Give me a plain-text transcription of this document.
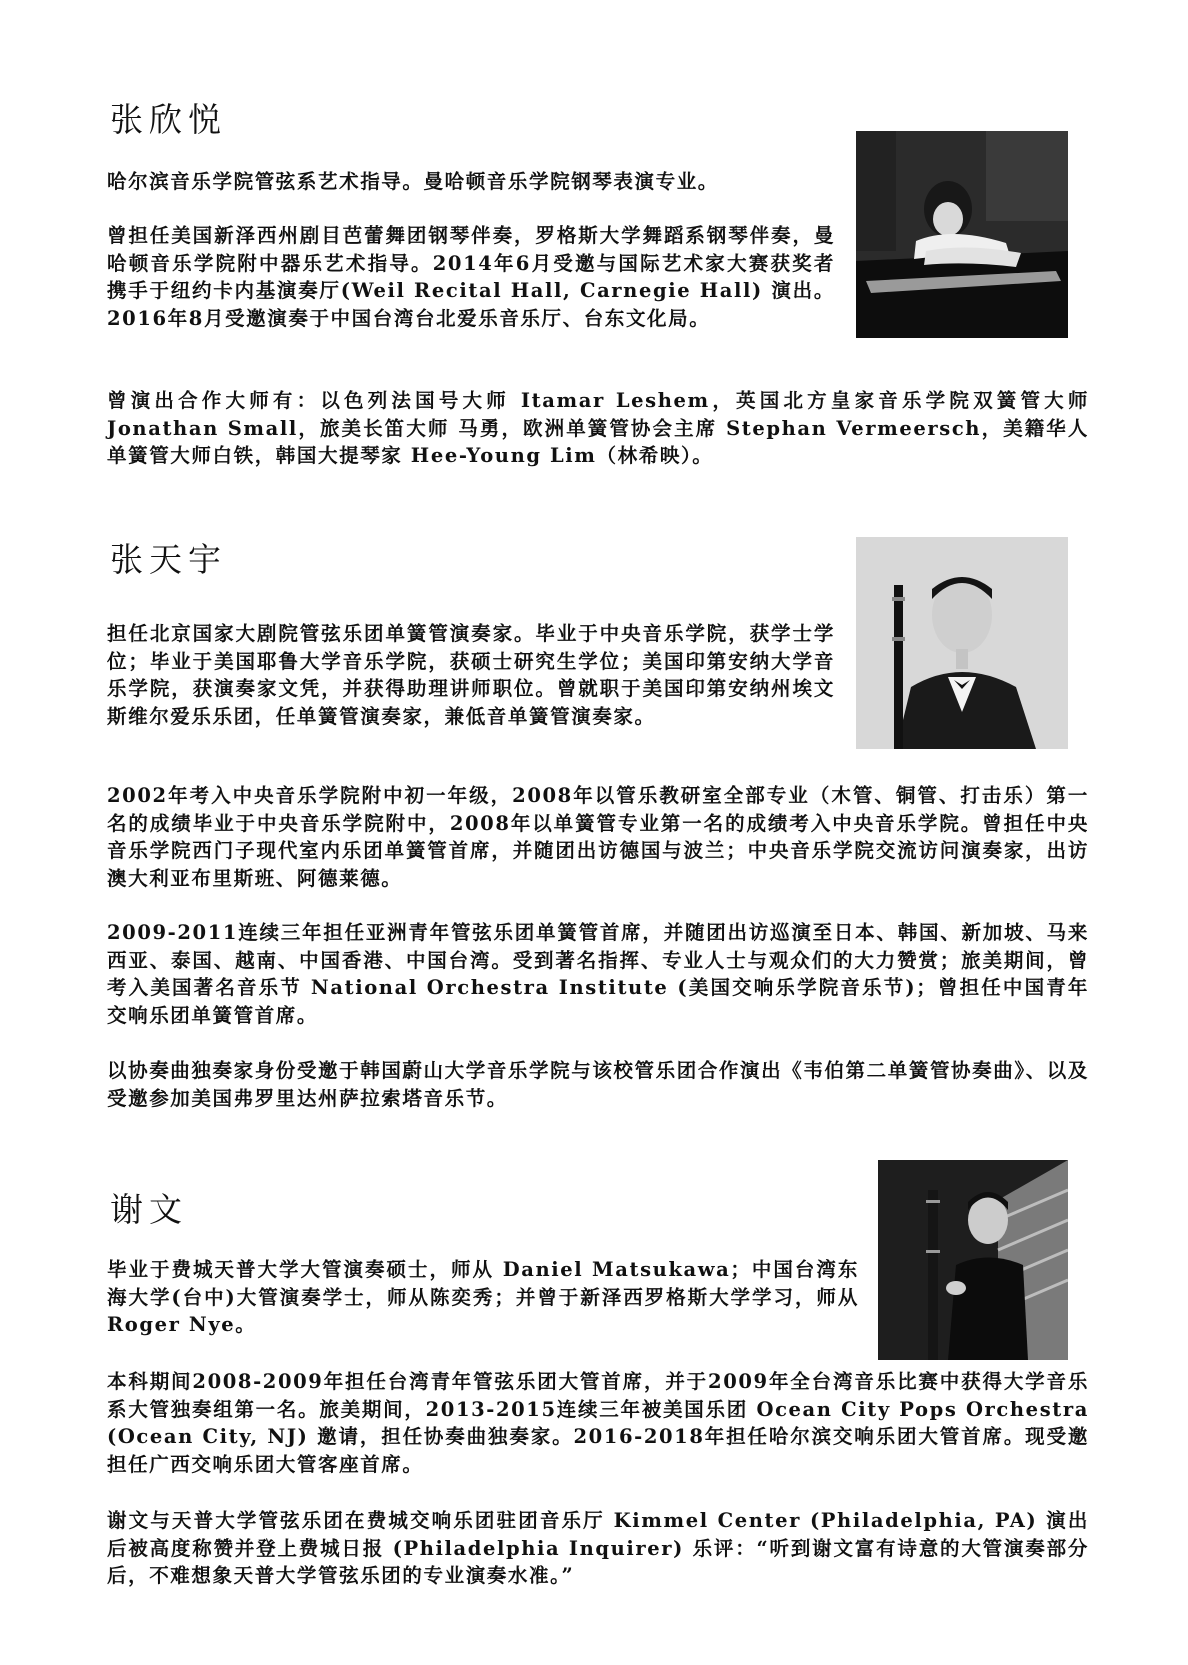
张欣悦

哈尔滨音乐学院管弦系艺术指导。曼哈顿音乐学院钢琴表演专业。

曾担任美国新泽西州剧目芭蕾舞团钢琴伴奏，罗格斯大学舞蹈系钢琴伴奏，曼哈顿音乐学院附中器乐艺术指导。2014年6月受邀与国际艺术家大赛获奖者携手于纽约卡内基演奏厅(Weil Recital Hall, Carnegie Hall) 演出。2016年8月受邀演奏于中国台湾台北爱乐音乐厅、台东文化局。

曾演出合作大师有：以色列法国号大师 Itamar Leshem，英国北方皇家音乐学院双簧管大师 Jonathan Small，旅美长笛大师 马勇，欧洲单簧管协会主席 Stephan Vermeersch，美籍华人单簧管大师白铁，韩国大提琴家 Hee-Young Lim（林希映）。

张天宇

担任北京国家大剧院管弦乐团单簧管演奏家。毕业于中央音乐学院，获学士学位；毕业于美国耶鲁大学音乐学院，获硕士研究生学位；美国印第安纳大学音乐学院，获演奏家文凭，并获得助理讲师职位。曾就职于美国印第安纳州埃文斯维尔爱乐乐团，任单簧管演奏家，兼低音单簧管演奏家。

2002年考入中央音乐学院附中初一年级，2008年以管乐教研室全部专业（木管、铜管、打击乐）第一名的成绩毕业于中央音乐学院附中，2008年以单簧管专业第一名的成绩考入中央音乐学院。曾担任中央音乐学院西门子现代室内乐团单簧管首席，并随团出访德国与波兰；中央音乐学院交流访问演奏家，出访澳大利亚布里斯班、阿德莱德。

2009-2011连续三年担任亚洲青年管弦乐团单簧管首席，并随团出访巡演至日本、韩国、新加坡、马来西亚、泰国、越南、中国香港、中国台湾。受到著名指挥、专业人士与观众们的大力赞赏；旅美期间，曾考入美国著名音乐节 National Orchestra Institute (美国交响乐学院音乐节)；曾担任中国青年交响乐团单簧管首席。

以协奏曲独奏家身份受邀于韩国蔚山大学音乐学院与该校管乐团合作演出《韦伯第二单簧管协奏曲》、以及受邀参加美国弗罗里达州萨拉索塔音乐节。

谢文

毕业于费城天普大学大管演奏硕士，师从 Daniel Matsukawa；中国台湾东海大学(台中)大管演奏学士，师从陈奕秀；并曾于新泽西罗格斯大学学习，师从 Roger Nye。

本科期间2008-2009年担任台湾青年管弦乐团大管首席，并于2009年全台湾音乐比赛中获得大学音乐系大管独奏组第一名。旅美期间，2013-2015连续三年被美国乐团 Ocean City Pops Orchestra (Ocean City, NJ) 邀请，担任协奏曲独奏家。2016-2018年担任哈尔滨交响乐团大管首席。现受邀担任广西交响乐团大管客座首席。

谢文与天普大学管弦乐团在费城交响乐团驻团音乐厅 Kimmel Center (Philadelphia, PA) 演出后被高度称赞并登上费城日报 (Philadelphia Inquirer) 乐评：“听到谢文富有诗意的大管演奏部分后，不难想象天普大学管弦乐团的专业演奏水准。”
